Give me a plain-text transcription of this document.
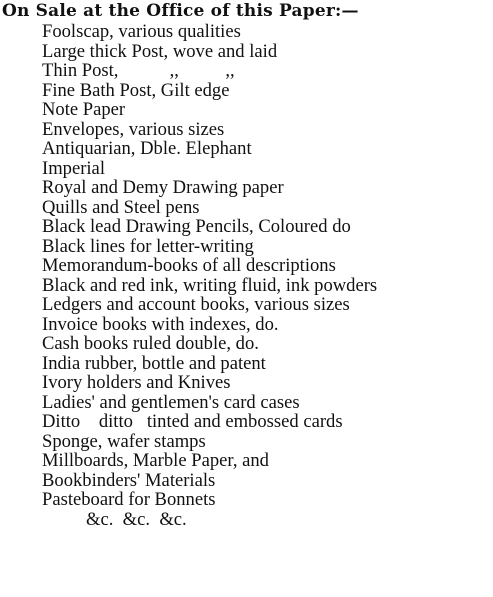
On Sale at the Office of this Paper:—
Foolscap, various qualities
Large thick Post, wove and laid
Thin Post,           ,,          ,,
Fine Bath Post, Gilt edge
Note Paper
Envelopes, various sizes
Antiquarian, Dble. Elephant
Imperial
Royal and Demy Drawing paper
Quills and Steel pens
Black lead Drawing Pencils, Coloured do
Black lines for letter-writing
Memorandum-books of all descriptions
Black and red ink, writing fluid, ink powders
Ledgers and account books, various sizes
Invoice books with indexes, do.
Cash books ruled double, do.
India rubber, bottle and patent
Ivory holders and Knives
Ladies' and gentlemen's card cases
Ditto    ditto   tinted and embossed cards
Sponge, wafer stamps
Millboards, Marble Paper, and
Bookbinders' Materials
Pasteboard for Bonnets
&c.  &c.  &c.
